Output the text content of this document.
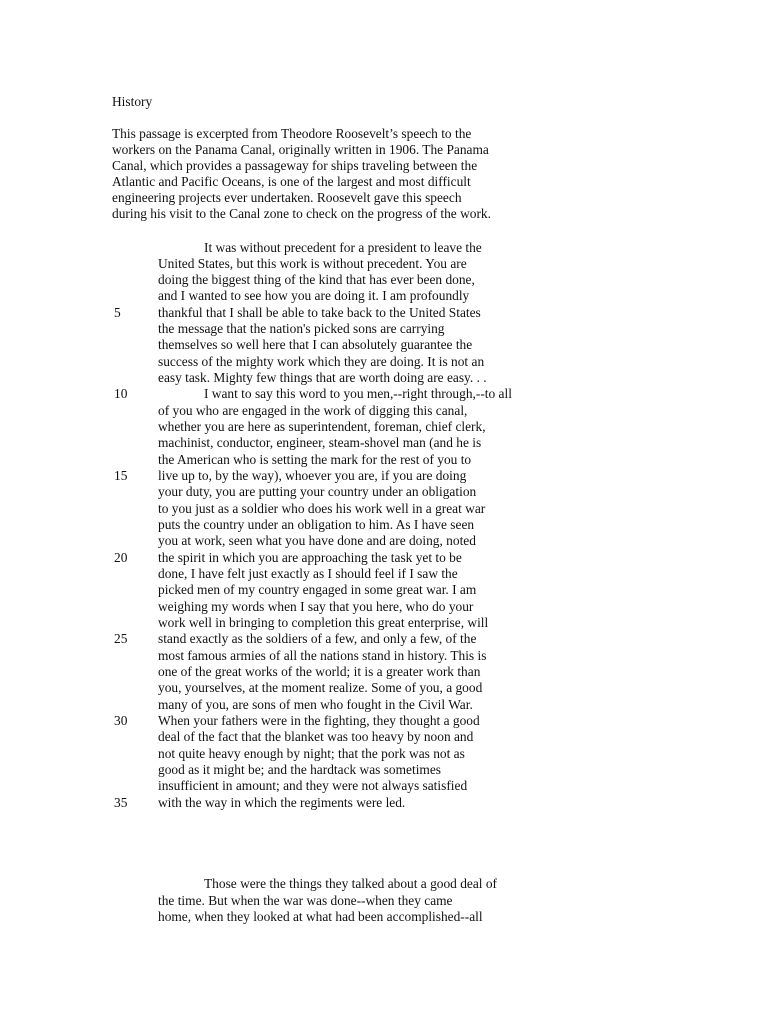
History
This passage is excerpted from Theodore Roosevelt’s speech to the
workers on the Panama Canal, originally written in 1906. The Panama
Canal, which provides a passageway for ships traveling between the
Atlantic and Pacific Oceans, is one of the largest and most difficult
engineering projects ever undertaken. Roosevelt gave this speech
during his visit to the Canal zone to check on the progress of the work.
It was without precedent for a president to leave the
United States, but this work is without precedent. You are
doing the biggest thing of the kind that has ever been done,
and I wanted to see how you are doing it. I am profoundly
thankful that I shall be able to take back to the United States
the message that the nation's picked sons are carrying
themselves so well here that I can absolutely guarantee the
success of the mighty work which they are doing. It is not an
easy task. Mighty few things that are worth doing are easy. . .
I want to say this word to you men,--right through,--to all
of you who are engaged in the work of digging this canal,
whether you are here as superintendent, foreman, chief clerk,
machinist, conductor, engineer, steam-shovel man (and he is
the American who is setting the mark for the rest of you to
live up to, by the way), whoever you are, if you are doing
your duty, you are putting your country under an obligation
to you just as a soldier who does his work well in a great war
puts the country under an obligation to him. As I have seen
you at work, seen what you have done and are doing, noted
the spirit in which you are approaching the task yet to be
done, I have felt just exactly as I should feel if I saw the
picked men of my country engaged in some great war. I am
weighing my words when I say that you here, who do your
work well in bringing to completion this great enterprise, will
stand exactly as the soldiers of a few, and only a few, of the
most famous armies of all the nations stand in history. This is
one of the great works of the world; it is a greater work than
you, yourselves, at the moment realize. Some of you, a good
many of you, are sons of men who fought in the Civil War.
When your fathers were in the fighting, they thought a good
deal of the fact that the blanket was too heavy by noon and
not quite heavy enough by night; that the pork was not as
good as it might be; and the hardtack was sometimes
insufficient in amount; and they were not always satisfied
with the way in which the regiments were led.
5
10
15
20
25
30
35
Those were the things they talked about a good deal of
the time. But when the war was done--when they came
home, when they looked at what had been accomplished--all
